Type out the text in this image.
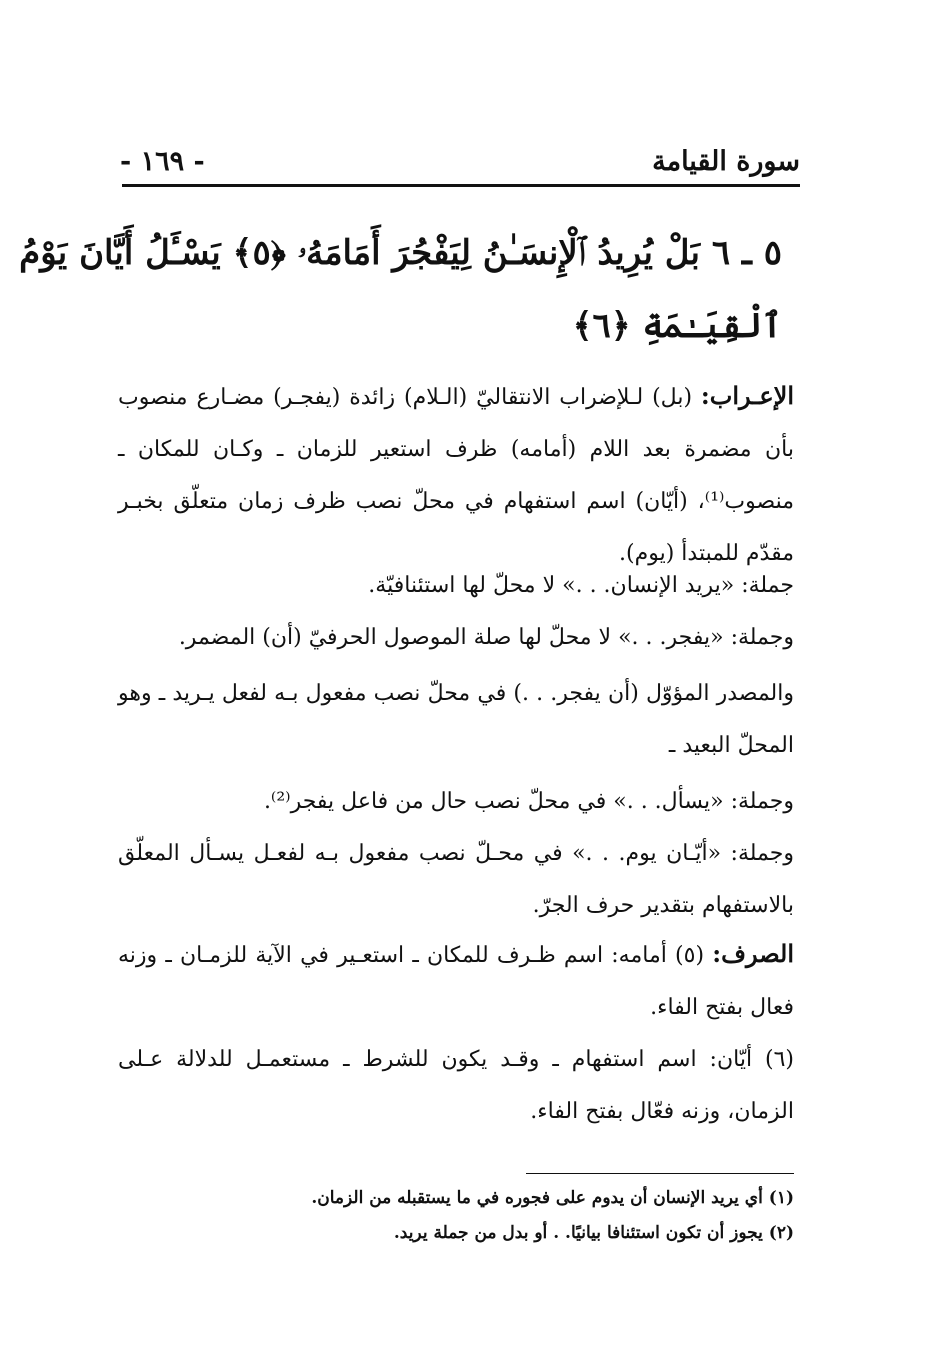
سورة القيامة
- ١٦٩ -
٥ ـ ٦ بَلْ يُرِيدُ ٱلْإِنسَـٰنُ لِيَفْجُرَ أَمَامَهُۥ ﴿٥﴾ يَسْـَٔلُ أَيَّانَ يَوْمُ
ٱلْقِيَـٰمَةِ ﴿٦﴾

الإعـراب: (بل) لـلإضراب الانتقاليّ (الـلام) زائدة (يفجـر) مضـارع منصوب بأن مضمرة بعد اللام (أمامه) ظرف استعير للزمان ـ وكـان للمكان ـ منصوب⁽¹⁾، (أيّان) اسم استفهام في محلّ نصب ظرف زمان متعلّق بخبـر مقدّم للمبتدأ (يوم).

جملة: «يريد الإنسان. . .» لا محلّ لها استئنافيّة.

وجملة: «يفجر. . .» لا محلّ لها صلة الموصول الحرفيّ (أن) المضمر.

والمصدر المؤوّل (أن يفجر. . .) في محلّ نصب مفعول بـه لفعل يـريد ـ وهو المحلّ البعيد ـ

وجملة: «يسأل. . .» في محلّ نصب حال من فاعل يفجر⁽²⁾.

وجملة: «أيّـان يوم. . .» في محـلّ نصب مفعول بـه لفعـل يسـأل المعلّق بالاستفهام بتقدير حرف الجرّ.

الصرف: (٥) أمامه: اسم ظـرف للمكان ـ استعـير في الآية للزمـان ـ وزنه فعال بفتح الفاء.

(٦) أيّان: اسم استفهام ـ وقـد يكون للشرط ـ مستعمـل للدلالة عـلى الزمان، وزنه فعّال بفتح الفاء.

(١) أي يريد الإنسان أن يدوم على فجوره في ما يستقبله من الزمان.
(٢) يجوز أن تكون استئنافا بيانيًا. . أو بدل من جملة يريد.
